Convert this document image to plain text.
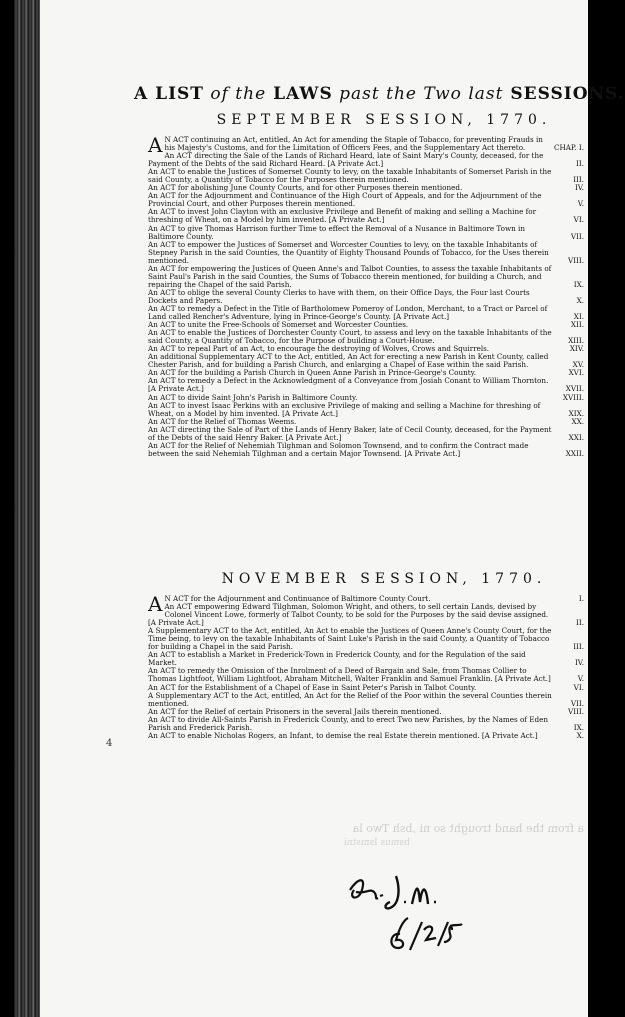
A LIST of the LAWS past the Two last SESSIONS.
SEPTEMBER SESSION, 1770.
AN ACT continuing an Act, entitled, An Act for amending the Staple of Tobacco, for preventing Frauds in his Majesty's Customs, and for the Limitation of Officers Fees, and the Supplementary Act thereto.	CHAP. I.
An ACT directing the Sale of the Lands of Richard Heard, late of Saint Mary's County, deceased, for the Payment of the Debts of the said Richard Heard. [A Private Act.]	II.
An ACT to enable the Justices of Somerset County to levy, on the taxable Inhabitants of Somerset Parish in the said County, a Quantity of Tobacco for the Purposes therein mentioned.	III.
An ACT for abolishing June County Courts, and for other Purposes therein mentioned.	IV.
An ACT for the Adjournment and Continuance of the High Court of Appeals, and for the Adjournment of the Provincial Court, and other Purposes therein mentioned.	V.
An ACT to invest John Clayton with an exclusive Privilege and Benefit of making and selling a Machine for threshing of Wheat, on a Model by him invented. [A Private Act.]	VI.
An ACT to give Thomas Harrison further Time to effect the Removal of a Nusance in Baltimore Town in Baltimore County.	VII.
An ACT to empower the Justices of Somerset and Worcester Counties to levy, on the taxable Inhabitants of Stepney Parish in the said Counties, the Quantity of Eighty Thousand Pounds of Tobacco, for the Uses therein mentioned.	VIII.
An ACT for empowering the Justices of Queen Anne's and Talbot Counties, to assess the taxable Inhabitants of Saint Paul's Parish in the said Counties, the Sums of Tobacco therein mentioned, for building a Church, and repairing the Chapel of the said Parish.	IX.
An ACT to oblige the several County Clerks to have with them, on their Office Days, the Four last Courts Dockets and Papers.	X.
An ACT to remedy a Defect in the Title of Bartholomew Pomeroy of London, Merchant, to a Tract or Parcel of Land called Rencher's Adventure, lying in Prince-George's County. [A Private Act.]	XI.
An ACT to unite the Free-Schools of Somerset and Worcester Counties.	XII.
An ACT to enable the Justices of Dorchester County Court, to assess and levy on the taxable Inhabitants of the said County, a Quantity of Tobacco, for the Purpose of building a Court-House.	XIII.
An ACT to repeal Part of an Act, to encourage the destroying of Wolves, Crows and Squirrels.	XIV.
An additional Supplementary ACT to the Act, entitled, An Act for erecting a new Parish in Kent County, called Chester Parish, and for building a Parish Church, and enlarging a Chapel of Ease within the said Parish.	XV.
An ACT for the building a Parish Church in Queen Anne Parish in Prince-George's County.	XVI.
An ACT to remedy a Defect in the Acknowledgment of a Conveyance from Josiah Conant to William Thornton. [A Private Act.]	XVII.
An ACT to divide Saint John's Parish in Baltimore County.	XVIII.
An ACT to invest Isaac Perkins with an exclusive Privilege of making and selling a Machine for threshing of Wheat, on a Model by him invented. [A Private Act.]	XIX.
An ACT for the Relief of Thomas Weems.	XX.
An ACT directing the Sale of Part of the Lands of Henry Baker, late of Cecil County, deceased, for the Payment of the Debts of the said Henry Baker. [A Private Act.]	XXI.
An ACT for the Relief of Nehemiah Tilghman and Solomon Townsend, and to confirm the Contract made between the said Nehemiah Tilghman and a certain Major Townsend. [A Private Act.]	XXII.
NOVEMBER SESSION, 1770.
AN ACT for the Adjournment and Continuance of Baltimore County Court.	I.
An ACT empowering Edward Tilghman, Solomon Wright, and others, to sell certain Lands, devised by Colonel Vincent Lowe, formerly of Talbot County, to be sold for the Purposes by the said devise assigned. [A Private Act.]	II.
A Supplementary ACT to the Act, entitled, An Act to enable the Justices of Queen Anne's County Court, for the Time being, to levy on the taxable Inhabitants of Saint Luke's Parish in the said County, a Quantity of Tobacco for building a Chapel in the said Parish.	III.
An ACT to establish a Market in Frederick-Town in Frederick County, and for the Regulation of the said Market.	IV.
An ACT to remedy the Omission of the Inrolment of a Deed of Bargain and Sale, from Thomas Collier to Thomas Lightfoot, William Lightfoot, Abraham Mitchell, Walter Franklin and Samuel Franklin. [A Private Act.]	V.
An ACT for the Establishment of a Chapel of Ease in Saint Peter's Parish in Talbot County.	VI.
A Supplementary ACT to the Act, entitled, An Act for the Relief of the Poor within the several Counties therein mentioned.	VII.
An ACT for the Relief of certain Prisoners in the several Jails therein mentioned.	VIII.
An ACT to divide All-Saints Parish in Frederick County, and to erect Two new Parishes, by the Names of Eden Parish and Frederick Parish.	IX.
An ACT to enable Nicholas Rogers, an Infant, to demise the real Estate therein mentioned. [A Private Act.]	X.
4
a from the hand trought so ni ,bsh Two la
bsmus Ismstni
